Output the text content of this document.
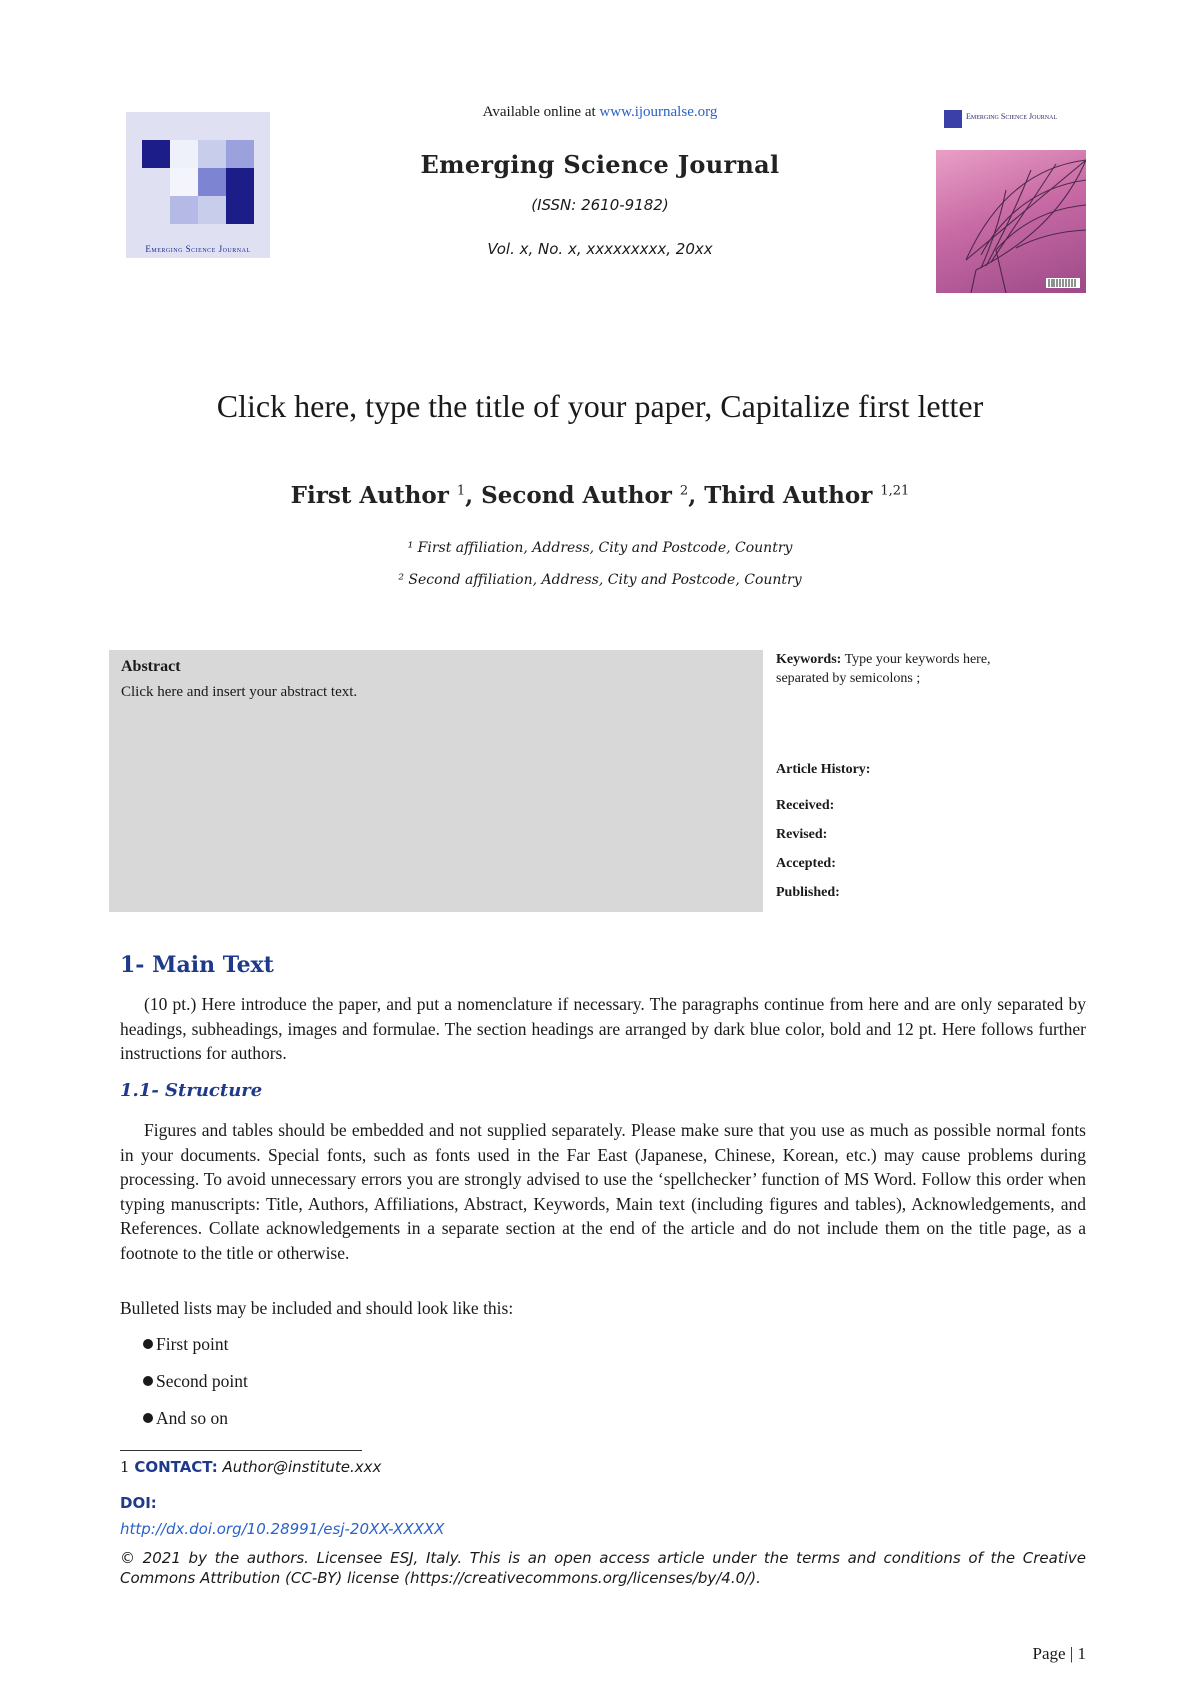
Emerging Science Journal
Available online at www.ijournalse.org
Emerging Science Journal
(ISSN: 2610-9182)
Vol. x, No. x, xxxxxxxxx, 20xx
Emerging Science Journal
Click here, type the title of your paper, Capitalize first letter
First Author $^1$, Second Author $^2$, Third Author $^{1,21}$
¹ First affiliation, Address, City and Postcode, Country
² Second affiliation, Address, City and Postcode, Country
Abstract
Click here and insert your abstract text.
Keywords: Type your keywords here,
separated by semicolons ;
Article History:
Received:
Revised:
Accepted:
Published:
1- Main Text
(10 pt.) Here introduce the paper, and put a nomenclature if necessary. The paragraphs continue from here and are only separated by headings, subheadings, images and formulae. The section headings are arranged by dark blue color, bold and 12 pt. Here follows further instructions for authors.
1.1- Structure
Figures and tables should be embedded and not supplied separately. Please make sure that you use as much as possible normal fonts in your documents. Special fonts, such as fonts used in the Far East (Japanese, Chinese, Korean, etc.) may cause problems during processing. To avoid unnecessary errors you are strongly advised to use the ‘spellchecker’ function of MS Word. Follow this order when typing manuscripts: Title, Authors, Affiliations, Abstract, Keywords, Main text (including figures and tables), Acknowledgements, and References. Collate acknowledgements in a separate section at the end of the article and do not include them on the title page, as a footnote to the title or otherwise.
Bulleted lists may be included and should look like this:
First point
Second point
And so on
1 CONTACT: Author@institute.xxx
DOI:
http://dx.doi.org/10.28991/esj-20XX-XXXXX
© 2021 by the authors. Licensee ESJ, Italy. This is an open access article under the terms and conditions of the Creative Commons Attribution (CC-BY) license (https://creativecommons.org/licenses/by/4.0/).
Page | 1
